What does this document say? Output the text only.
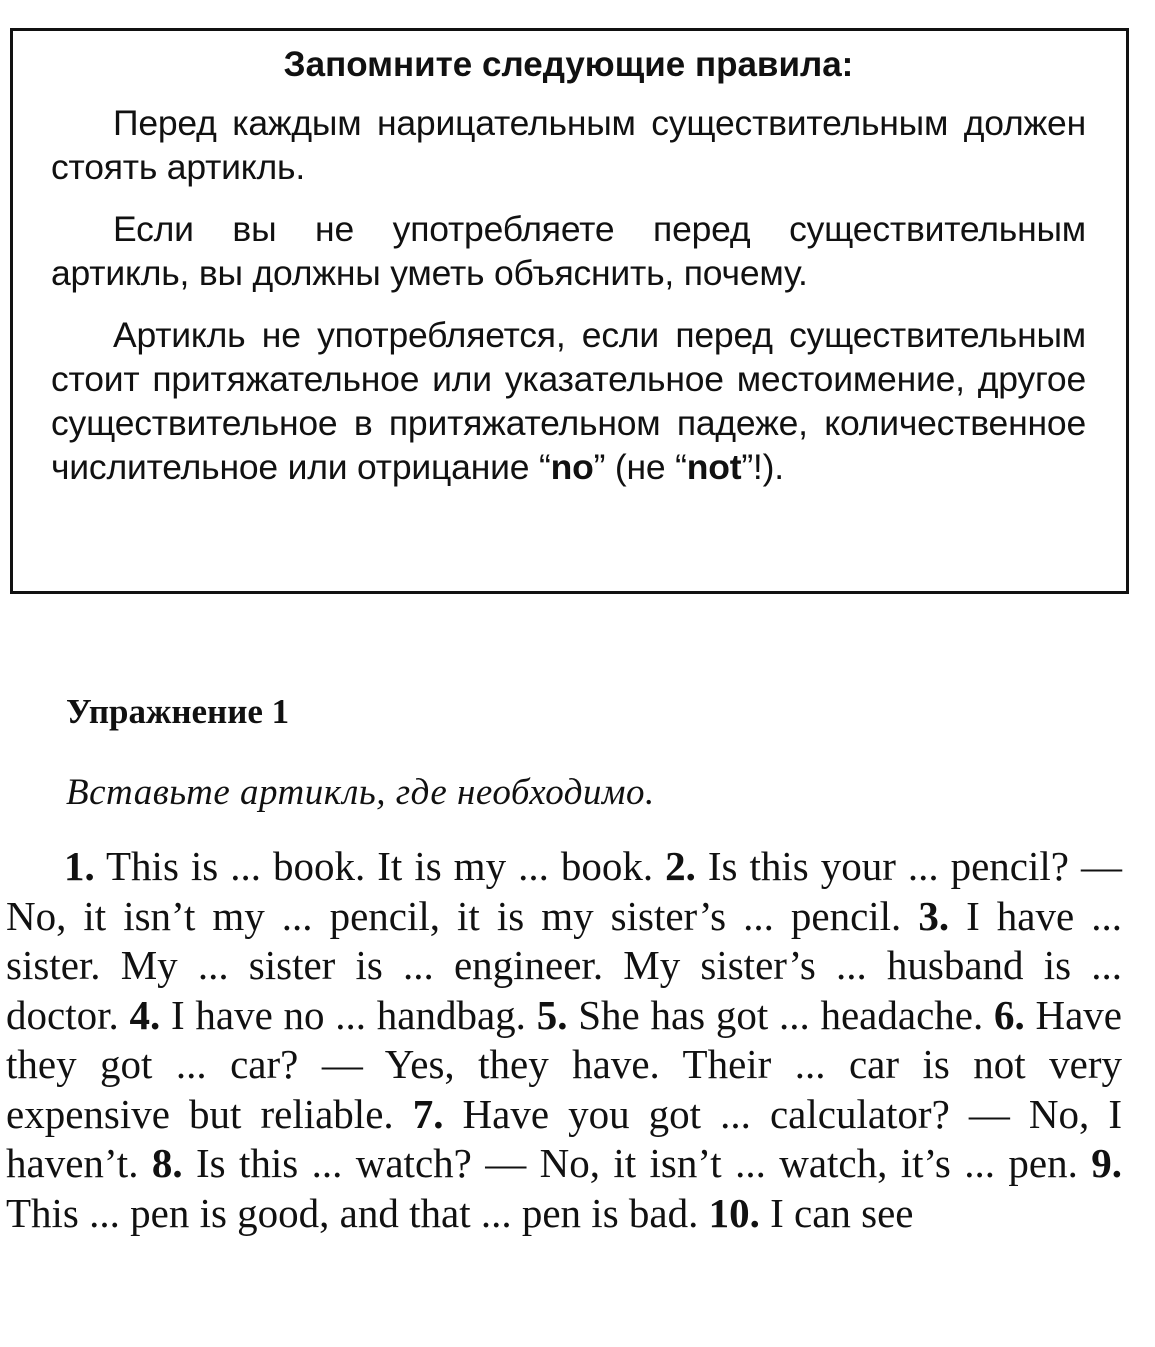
Запомните следующие правила:

Перед каждым нарицательным существительным должен стоять артикль.

Если вы не употребляете перед существительным артикль, вы должны уметь объяснить, почему.

Артикль не употребляется, если перед существительным стоит притяжательное или указательное местоимение, другое существительное в притяжательном падеже, количественное числительное или отрицание “no” (не “not”!).

Упражнение 1
Вставьте артикль, где необходимо.

1. This is ... book. It is my ... book. 2. Is this your ... pencil? — No, it isn’t my ... pencil, it is my sister’s ... pencil. 3. I have ... sister. My ... sister is ... engineer. My sister’s ... husband is ... doctor. 4. I have no ... handbag. 5. She has got ... headache. 6. Have they got ... car? — Yes, they have. Their ... car is not very expensive but reliable. 7. Have you got ... calculator? — No, I haven’t. 8. Is this ... watch? — No, it isn’t ... watch, it’s ... pen. 9. This ... pen is good, and that ... pen is bad. 10. I can see
